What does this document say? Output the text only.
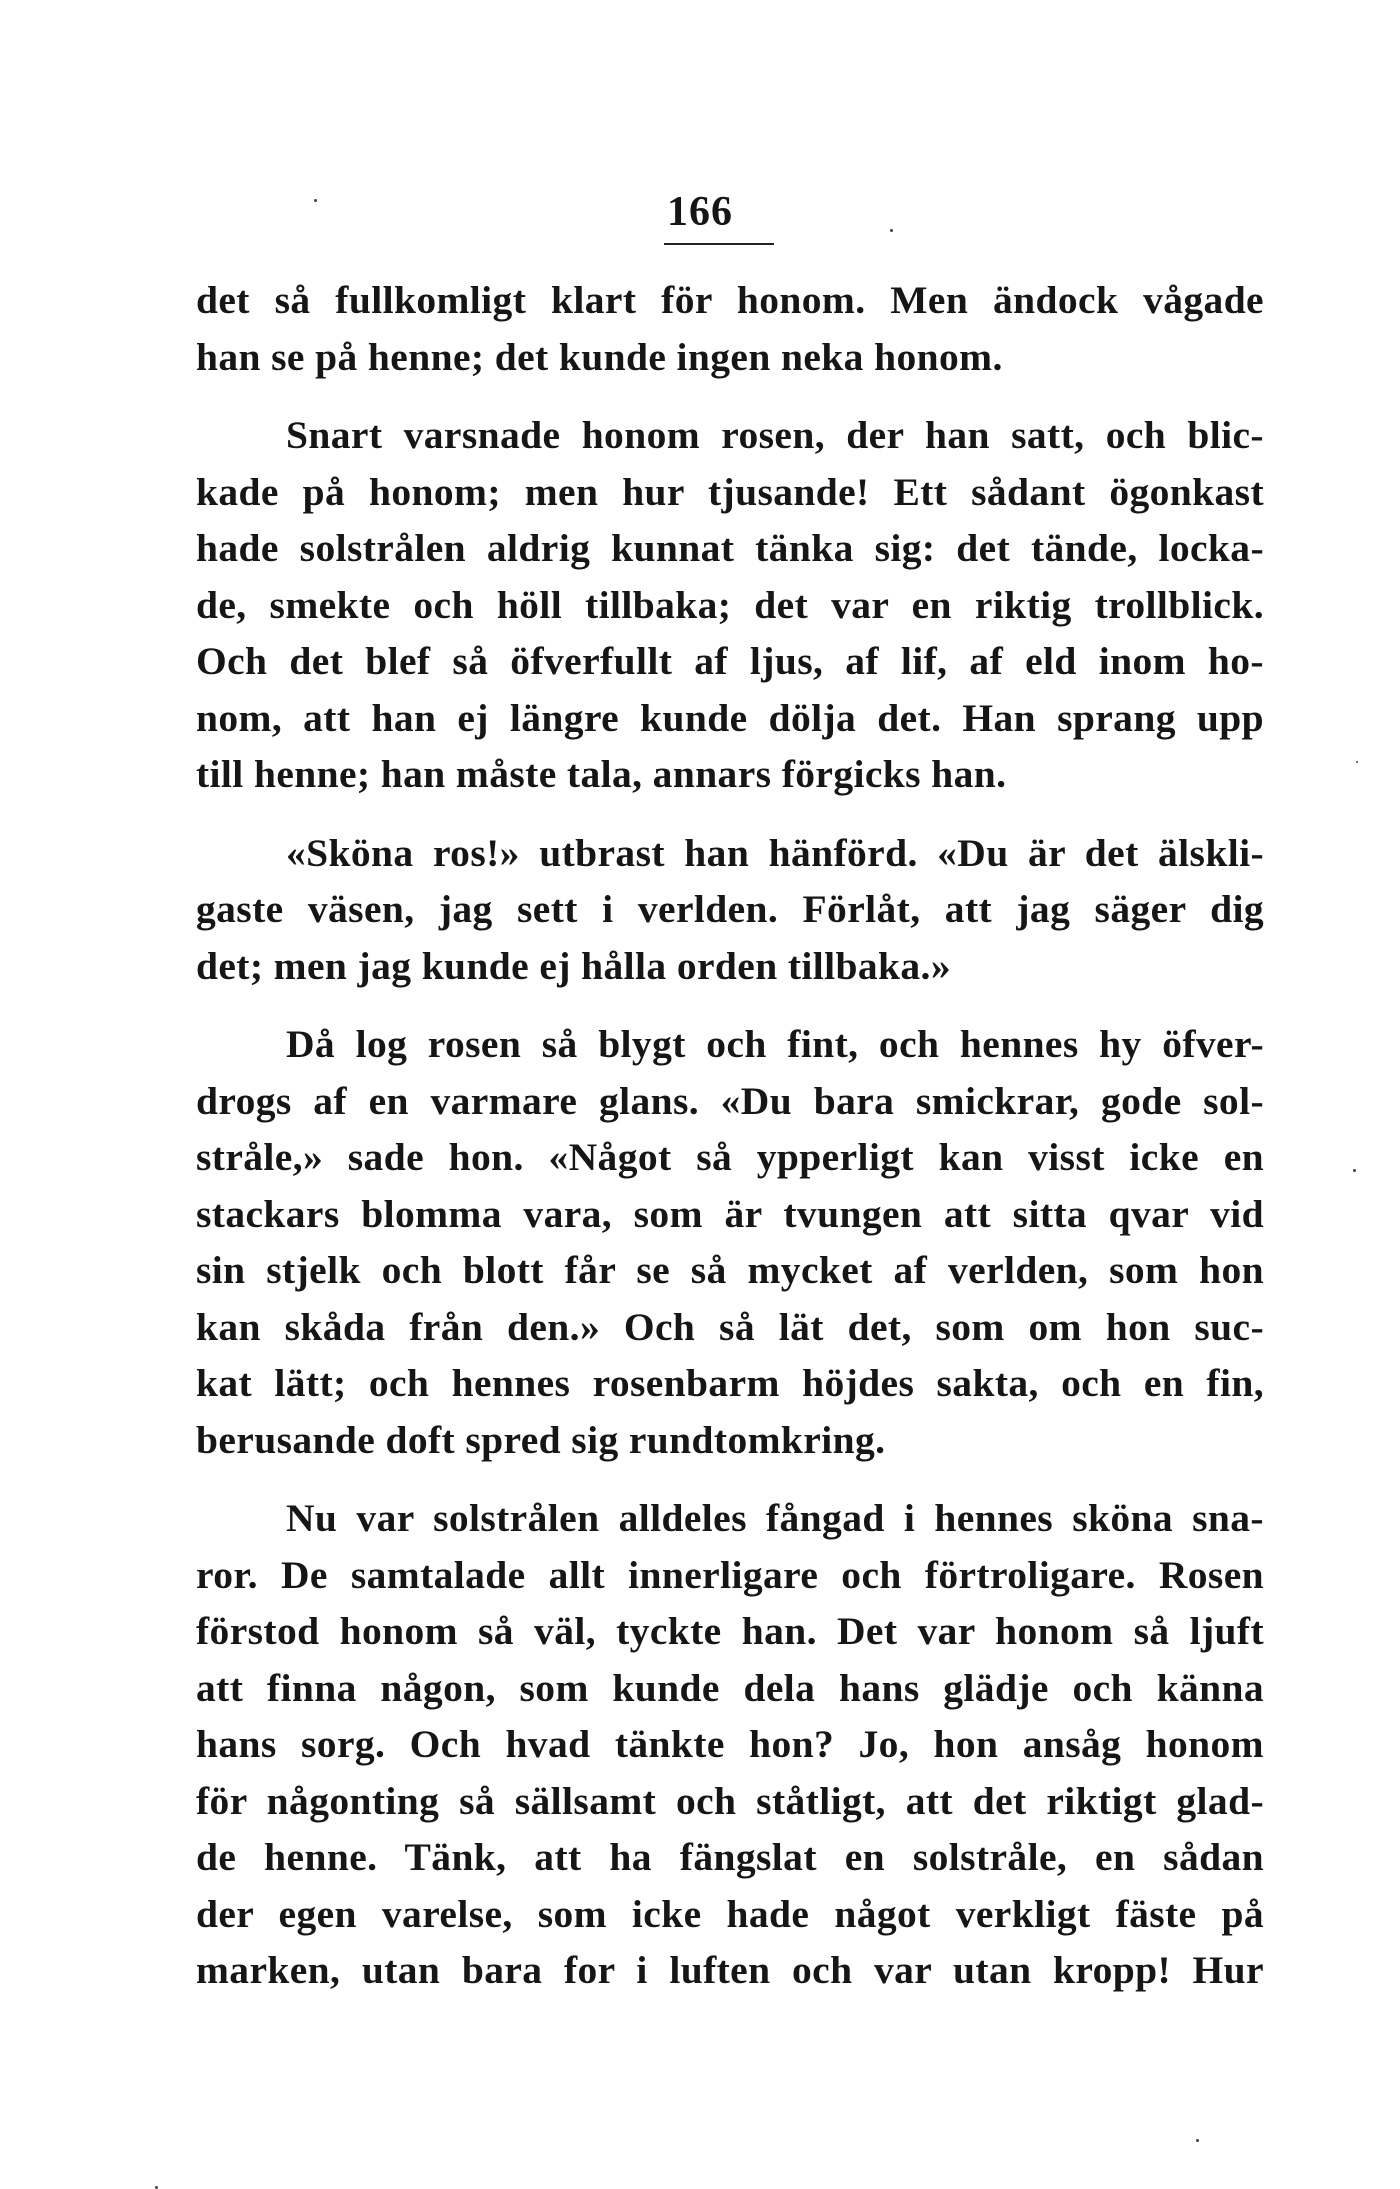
166
det så fullkomligt klart för honom. Men ändock vågade
han se på henne; det kunde ingen neka honom.
Snart varsnade honom rosen, der han satt, och blic-
kade på honom; men hur tjusande! Ett sådant ögonkast
hade solstrålen aldrig kunnat tänka sig: det tände, locka-
de, smekte och höll tillbaka; det var en riktig trollblick.
Och det blef så öfverfullt af ljus, af lif, af eld inom ho-
nom, att han ej längre kunde dölja det. Han sprang upp
till henne; han måste tala, annars förgicks han.
«Sköna ros!» utbrast han hänförd. «Du är det älskli-
gaste väsen, jag sett i verlden. Förlåt, att jag säger dig
det; men jag kunde ej hålla orden tillbaka.»
Då log rosen så blygt och fint, och hennes hy öfver-
drogs af en varmare glans. «Du bara smickrar, gode sol-
stråle,» sade hon. «Något så ypperligt kan visst icke en
stackars blomma vara, som är tvungen att sitta qvar vid
sin stjelk och blott får se så mycket af verlden, som hon
kan skåda från den.» Och så lät det, som om hon suc-
kat lätt; och hennes rosenbarm höjdes sakta, och en fin,
berusande doft spred sig rundtomkring.
Nu var solstrålen alldeles fångad i hennes sköna sna-
ror. De samtalade allt innerligare och förtroligare. Rosen
förstod honom så väl, tyckte han. Det var honom så ljuft
att finna någon, som kunde dela hans glädje och känna
hans sorg. Och hvad tänkte hon? Jo, hon ansåg honom
för någonting så sällsamt och ståtligt, att det riktigt glad-
de henne. Tänk, att ha fängslat en solstråle, en sådan
der egen varelse, som icke hade något verkligt fäste på
marken, utan bara for i luften och var utan kropp! Hur
